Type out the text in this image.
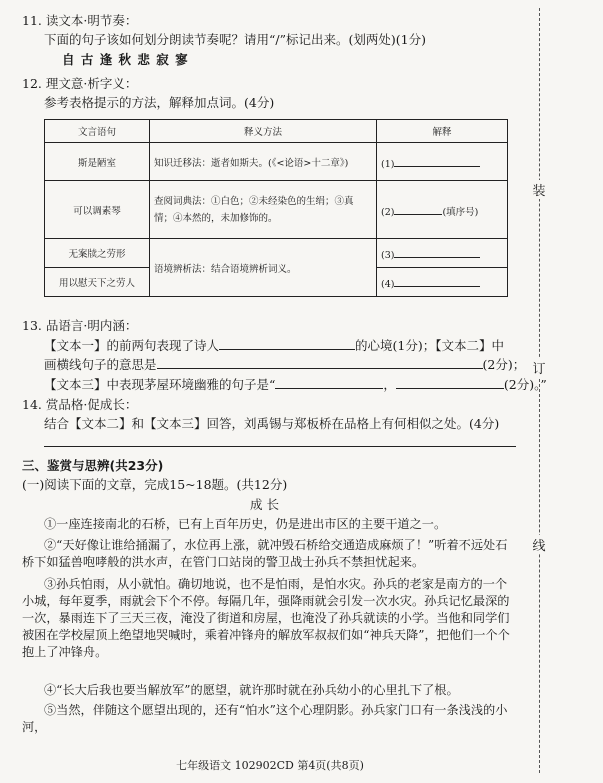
装
订
线
11. 读文本·明节奏：
下面的句子该如何划分朗读节奏呢？请用“/”标记出来。(划两处)(1分)
自 古 逢 秋 悲 寂 寥
12. 理文意·析字义：
参考表格提示的方法，解释加点词。(4分)
文言语句	释义方法	解释
斯是陋室	知识迁移法：逝者如斯夫。(《<论语>十二章》)	(1)
可以调素琴	查阅词典法：①白色；②未经染色的生绢；③真情；④本然的，未加修饰的。	(2) (填序号)
无案牍之劳形	语境辨析法：结合语境辨析词义。	(3)
用以慰天下之劳人		(4)
13. 品语言·明内涵：
【文本一】的前两句表现了诗人	的心境(1分)；【文本二】中
画横线句子的意思是	(2分)；
【文本三】中表现茅屋环境幽雅的句子是“	，	(2分)。”
14. 赏品格·促成长：
结合【文本二】和【文本三】回答，刘禹锡与郑板桥在品格上有何相似之处。(4分)
三、鉴赏与思辨(共23分)
(一)阅读下面的文章，完成15~18题。(共12分)
成 长
①一座连接南北的石桥，已有上百年历史，仍是进出市区的主要干道之一。
②“天好像让谁给捅漏了，水位再上涨，就冲毁石桥给交通造成麻烦了！”听着不远处石桥下如猛兽咆哮般的洪水声，在管门口站岗的警卫战士孙兵不禁担忧起来。
③孙兵怕雨，从小就怕。确切地说，也不是怕雨，是怕水灾。孙兵的老家是南方的一个小城，每年夏季，雨就会下个不停。每隔几年，强降雨就会引发一次水灾。孙兵记忆最深的一次，暴雨连下了三天三夜，淹没了街道和房屋，也淹没了孙兵就读的小学。当他和同学们被困在学校屋顶上绝望地哭喊时，乘着冲锋舟的解放军叔叔们如“神兵天降”，把他们一个个抱上了冲锋舟。
④“长大后我也要当解放军”的愿望，就许那时就在孙兵幼小的心里扎下了根。
⑤当然，伴随这个愿望出现的，还有“怕水”这个心理阴影。孙兵家门口有一条浅浅的小河，
七年级语文 102902CD 第4页(共8页)
